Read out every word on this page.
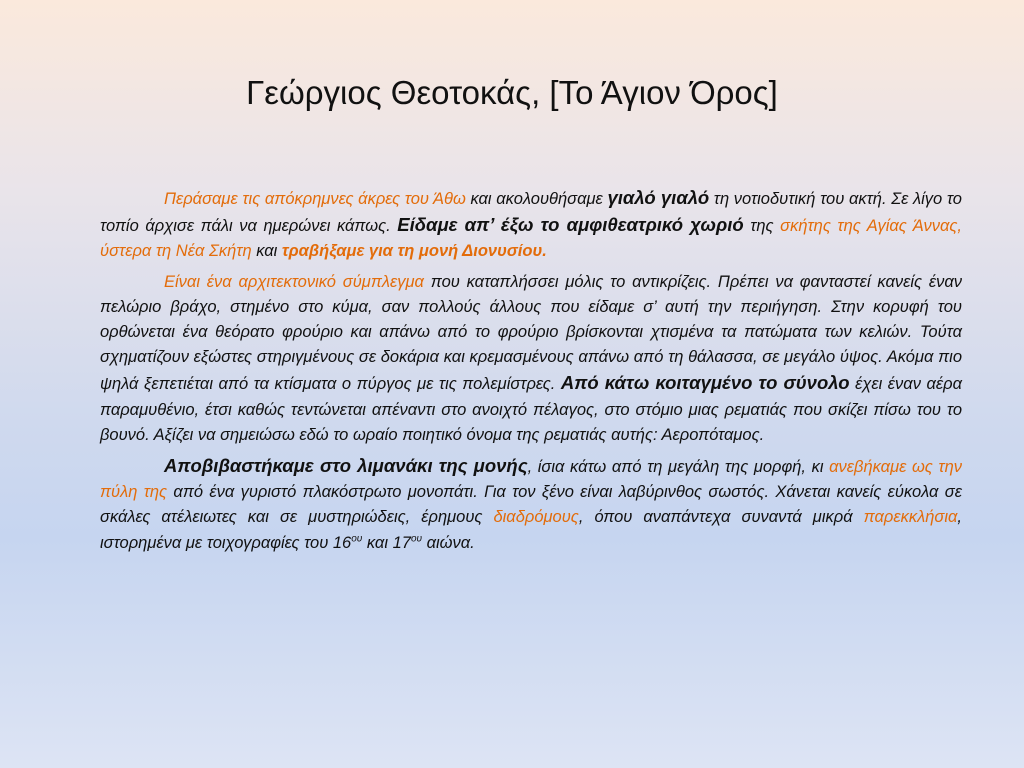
Γεώργιος Θεοτοκάς, [Το Άγιον Όρος]

Περάσαμε τις απόκρημνες άκρες του Άθω και ακολουθήσαμε γιαλό γιαλό τη νοτιοδυτική του ακτή. Σε λίγο το τοπίο άρχισε πάλι να ημερώνει κάπως. Είδαμε απ’ έξω το αμφιθεατρικό χωριό της σκήτης της Αγίας Άννας, ύστερα τη Νέα Σκήτη και τραβήξαμε για τη μονή Διονυσίου.

Είναι ένα αρχιτεκτονικό σύμπλεγμα που καταπλήσσει μόλις το αντικρίζεις. Πρέπει να φανταστεί κανείς έναν πελώριο βράχο, στημένο στο κύμα, σαν πολλούς άλλους που είδαμε σ’ αυτή την περιήγηση. Στην κορυφή του ορθώνεται ένα θεόρατο φρούριο και απάνω από το φρούριο βρίσκονται χτισμένα τα πατώματα των κελιών. Τούτα σχηματίζουν εξώστες στηριγμένους σε δοκάρια και κρεμασμένους απάνω από τη θάλασσα, σε μεγάλο ύψος. Ακόμα πιο ψηλά ξεπετιέται από τα κτίσματα ο πύργος με τις πολεμίστρες. Από κάτω κοιταγμένο το σύνολο έχει έναν αέρα παραμυθένιο, έτσι καθώς τεντώνεται απέναντι στο ανοιχτό πέλαγος, στο στόμιο μιας ρεματιάς που σκίζει πίσω του το βουνό. Αξίζει να σημειώσω εδώ το ωραίο ποιητικό όνομα της ρεματιάς αυτής: Αεροπόταμος.

Αποβιβαστήκαμε στο λιμανάκι της μονής, ίσια κάτω από τη μεγάλη της μορφή, κι ανεβήκαμε ως την πύλη της από ένα γυριστό πλακόστρωτο μονοπάτι. Για τον ξένο είναι λαβύρινθος σωστός. Χάνεται κανείς εύκολα σε σκάλες ατέλειωτες και σε μυστηριώδεις, έρημους διαδρόμους, όπου αναπάντεχα συναντά μικρά παρεκκλήσια, ιστορημένα με τοιχογραφίες του $16^{o\upsilon}$ και $17^{o\upsilon}$ αιώνα.
